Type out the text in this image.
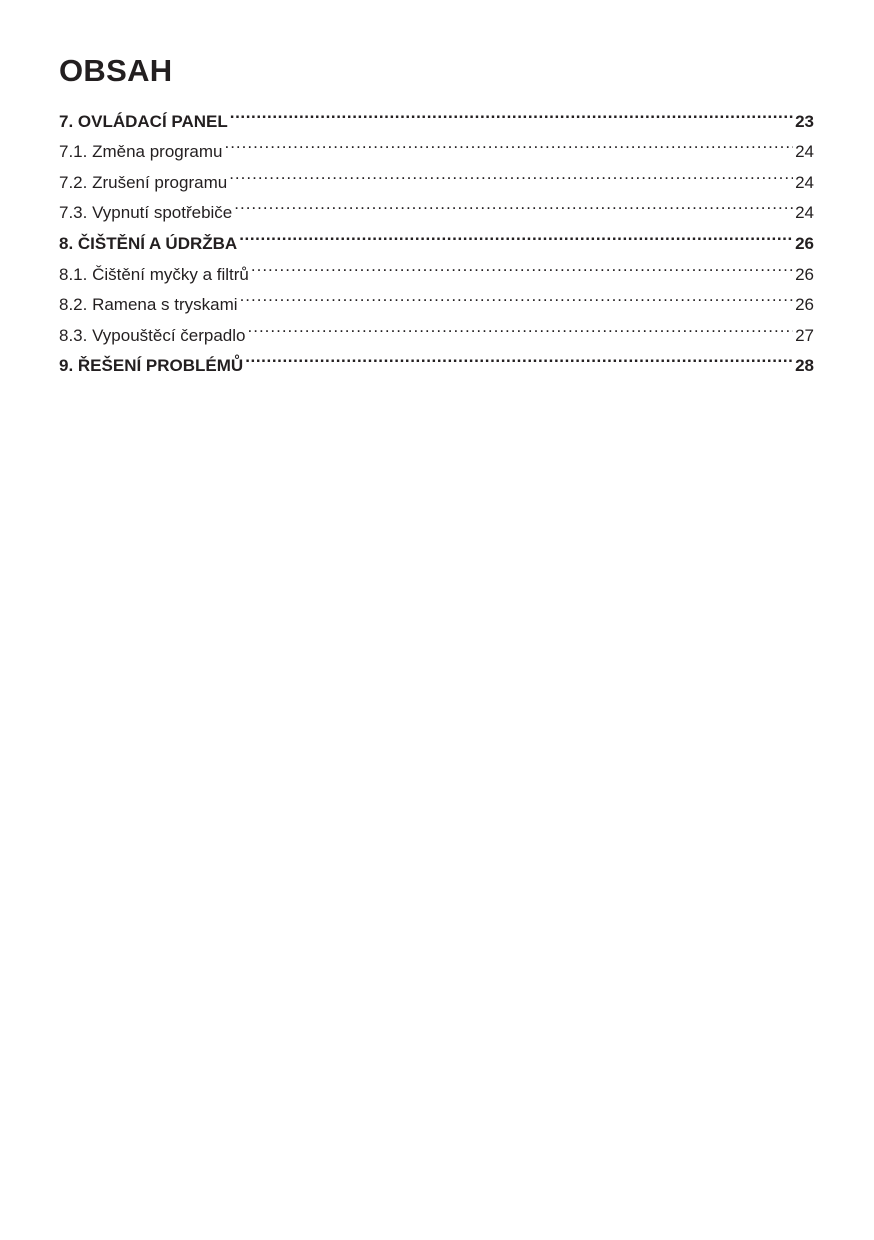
OBSAH
7. OVLÁDACÍ PANEL .....	23
7.1. Změna programu .....	24
7.2. Zrušení programu .....	24
7.3. Vypnutí spotřebiče .....	24
8. ČIŠTĚNÍ A ÚDRŽBA .....	26
8.1. Čištění myčky a filtrů .....	26
8.2. Ramena s tryskami .....	26
8.3. Vypouštěcí čerpadlo .....	27
9. ŘEŠENÍ PROBLÉMŮ .....	28
